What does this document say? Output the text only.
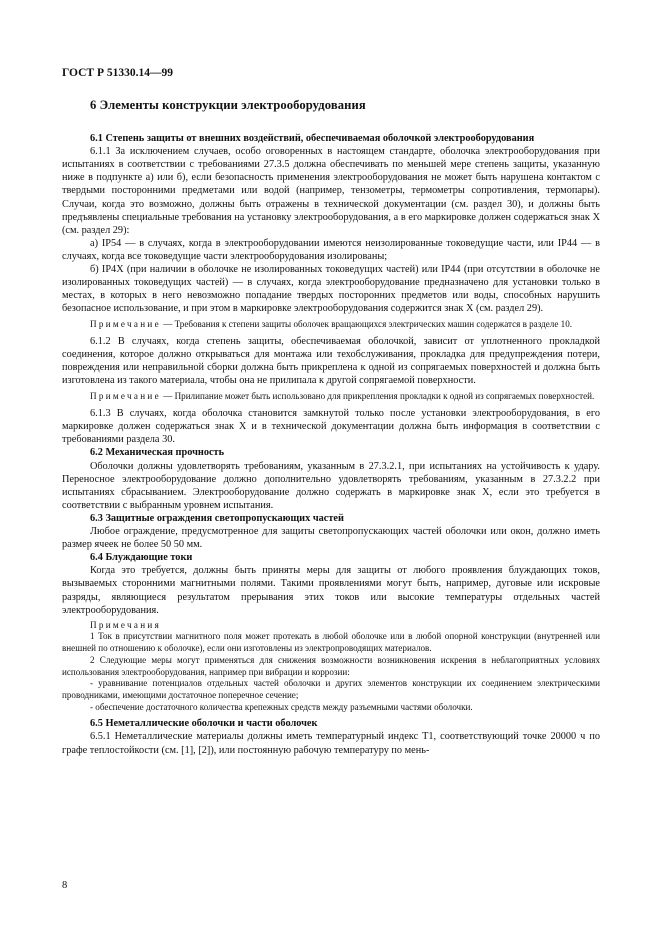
ГОСТ Р 51330.14—99

6 Элементы конструкции электрооборудования

6.1 Степень защиты от внешних воздействий, обеспечиваемая оболочкой электрооборудования

6.1.1 За исключением случаев, особо оговоренных в настоящем стандарте, оболочка электрооборудования при испытаниях в соответствии с требованиями 27.3.5 должна обеспечивать по меньшей мере степень защиты, указанную ниже в подпункте а) или б), если безопасность применения электрооборудования не может быть нарушена контактом с твердыми посторонними предметами или водой (например, тензометры, термометры сопротивления, термопары). Случаи, когда это возможно, должны быть отражены в технической документации (см. раздел 30), и должны быть предъявлены специальные требования на установку электрооборудования, а в его маркировке должен содержаться знак X (см. раздел 29):

а) IP54 — в случаях, когда в электрооборудовании имеются неизолированные токоведущие части, или IP44 — в случаях, когда все токоведущие части электрооборудования изолированы;

б) IP4X (при наличии в оболочке не изолированных токоведущих частей) или IP44 (при отсутствии в оболочке не изолированных токоведущих частей) — в случаях, когда электрооборудование предназначено для установки только в местах, в которых в него невозможно попадание твердых посторонних предметов или воды, способных нарушить безопасное использование, и при этом в маркировке электрооборудования содержится знак X (см. раздел 29).

Примечание — Требования к степени защиты оболочек вращающихся электрических машин содержатся в разделе 10.

6.1.2 В случаях, когда степень защиты, обеспечиваемая оболочкой, зависит от уплотненного прокладкой соединения, которое должно открываться для монтажа или техобслуживания, прокладка для предупреждения потери, повреждения или неправильной сборки должна быть прикреплена к одной из сопрягаемых поверхностей и должна быть изготовлена из такого материала, чтобы она не прилипала к другой сопрягаемой поверхности.

Примечание — Прилипание может быть использовано для прикрепления прокладки к одной из сопрягаемых поверхностей.

6.1.3 В случаях, когда оболочка становится замкнутой только после установки электрооборудования, в его маркировке должен содержаться знак X и в технической документации должна быть информация в соответствии с требованиями раздела 30.

6.2 Механическая прочность

Оболочки должны удовлетворять требованиям, указанным в 27.3.2.1, при испытаниях на устойчивость к удару. Переносное электрооборудование должно дополнительно удовлетворять требованиям, указанным в 27.3.2.2 при испытаниях сбрасыванием. Электрооборудование должно содержать в маркировке знак X, если это требуется в соответствии с выбранным уровнем испытания.

6.3 Защитные ограждения светопропускающих частей

Любое ограждение, предусмотренное для защиты светопропускающих частей оболочки или окон, должно иметь размер ячеек не более 50 50 мм.

6.4 Блуждающие токи

Когда это требуется, должны быть приняты меры для защиты от любого проявления блуждающих токов, вызываемых сторонними магнитными полями. Такими проявлениями могут быть, например, дуговые или искровые разряды, являющиеся результатом прерывания этих токов или высокие температуры отдельных частей электрооборудования.

Примечания

1 Ток в присутствии магнитного поля может протекать в любой оболочке или в любой опорной конструкции (внутренней или внешней по отношению к оболочке), если они изготовлены из электропроводящих материалов.

2 Следующие меры могут применяться для снижения возможности возникновения искрения в неблагоприятных условиях использования электрооборудования, например при вибрации и коррозии:

- уравнивание потенциалов отдельных частей оболочки и других элементов конструкции их соединением электрическими проводниками, имеющими достаточное поперечное сечение;

- обеспечение достаточного количества крепежных средств между разъемными частями оболочки.

6.5 Неметаллические оболочки и части оболочек

6.5.1 Неметаллические материалы должны иметь температурный индекс T1, соответствующий точке 20000 ч по графе теплостойкости (см. [1], [2]), или постоянную рабочую температуру по мень-

8
